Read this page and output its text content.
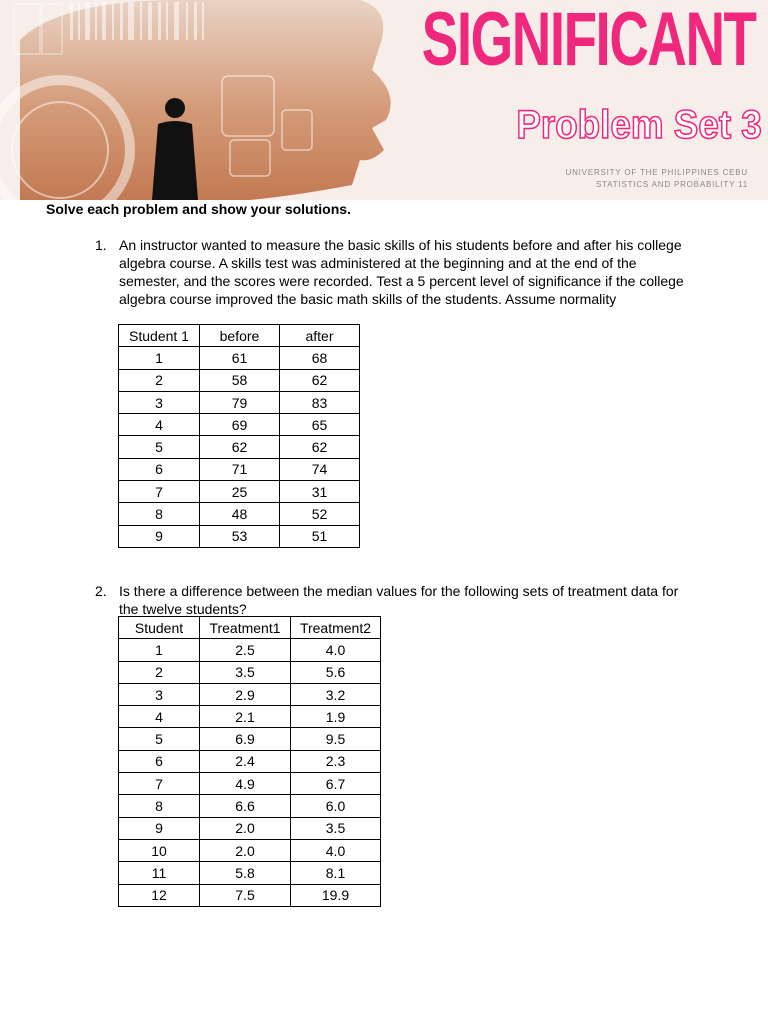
SIGNIFICANT
Problem Set 3

UNIVERSITY OF THE PHILIPPINES CEBU

STATISTICS AND PROBABILITY 11

Solve each problem and show your solutions.

1. An instructor wanted to measure the basic skills of his students before and after his college algebra course. A skills test was administered at the beginning and at the end of the semester, and the scores were recorded. Test a 5 percent level of significance if the college algebra course improved the basic math skills of the students. Assume normality
Student 1	before	after
1	61	68
2	58	62
3	79	83
4	69	65
5	62	62
6	71	74
7	25	31
8	48	52
9	53	51
2. Is there a difference between the median values for the following sets of treatment data for the twelve students?
Student	Treatment1	Treatment2
1	2.5	4.0
2	3.5	5.6
3	2.9	3.2
4	2.1	1.9
5	6.9	9.5
6	2.4	2.3
7	4.9	6.7
8	6.6	6.0
9	2.0	3.5
10	2.0	4.0
11	5.8	8.1
12	7.5	19.9
